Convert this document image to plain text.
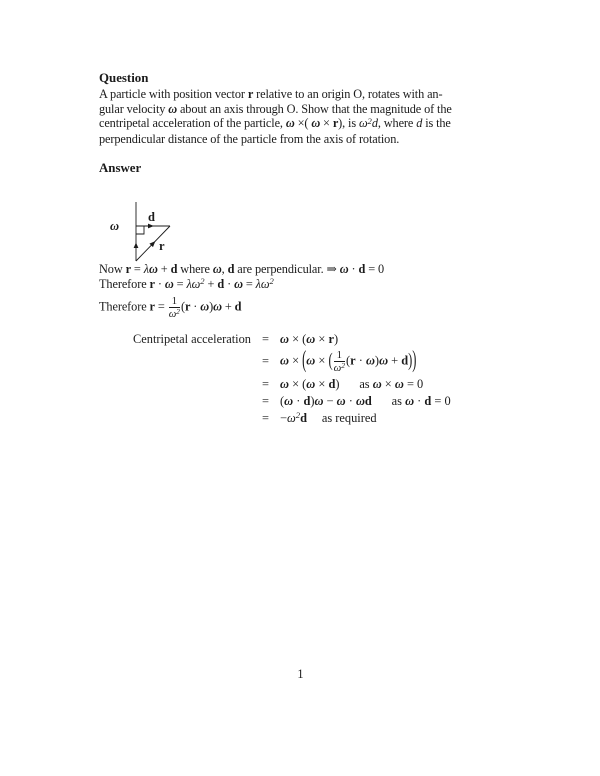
Question
A particle with position vector r relative to an origin O, rotates with an-
gular velocity ω about an axis through O. Show that the magnitude of the
centripetal acceleration of the particle, ω ×( ω × r), is $\omega^2d$, where d is the
perpendicular distance of the particle from the axis of rotation.
Answer
ω
d
r
Now r = λω + d where ω, d are perpendicular. ⇒ ω · d = 0
Therefore $r \cdot \omega = \lambda\omega^2 + d \cdot \omega = \lambda\omega^2$
Therefore $r = \frac{1}{\omega^2} (r \cdot \omega)\omega + d$
Centripetal acceleration = ω × (ω × r)
= ω × (ω × ( $\frac{1}{\omega^2} (r \cdot \omega)\omega + d$))
= ω × (ω × d) as ω × ω = 0
= (ω · d)ω − ω · ωd as ω · d = 0
= $-\omega^2d$ as required
1
